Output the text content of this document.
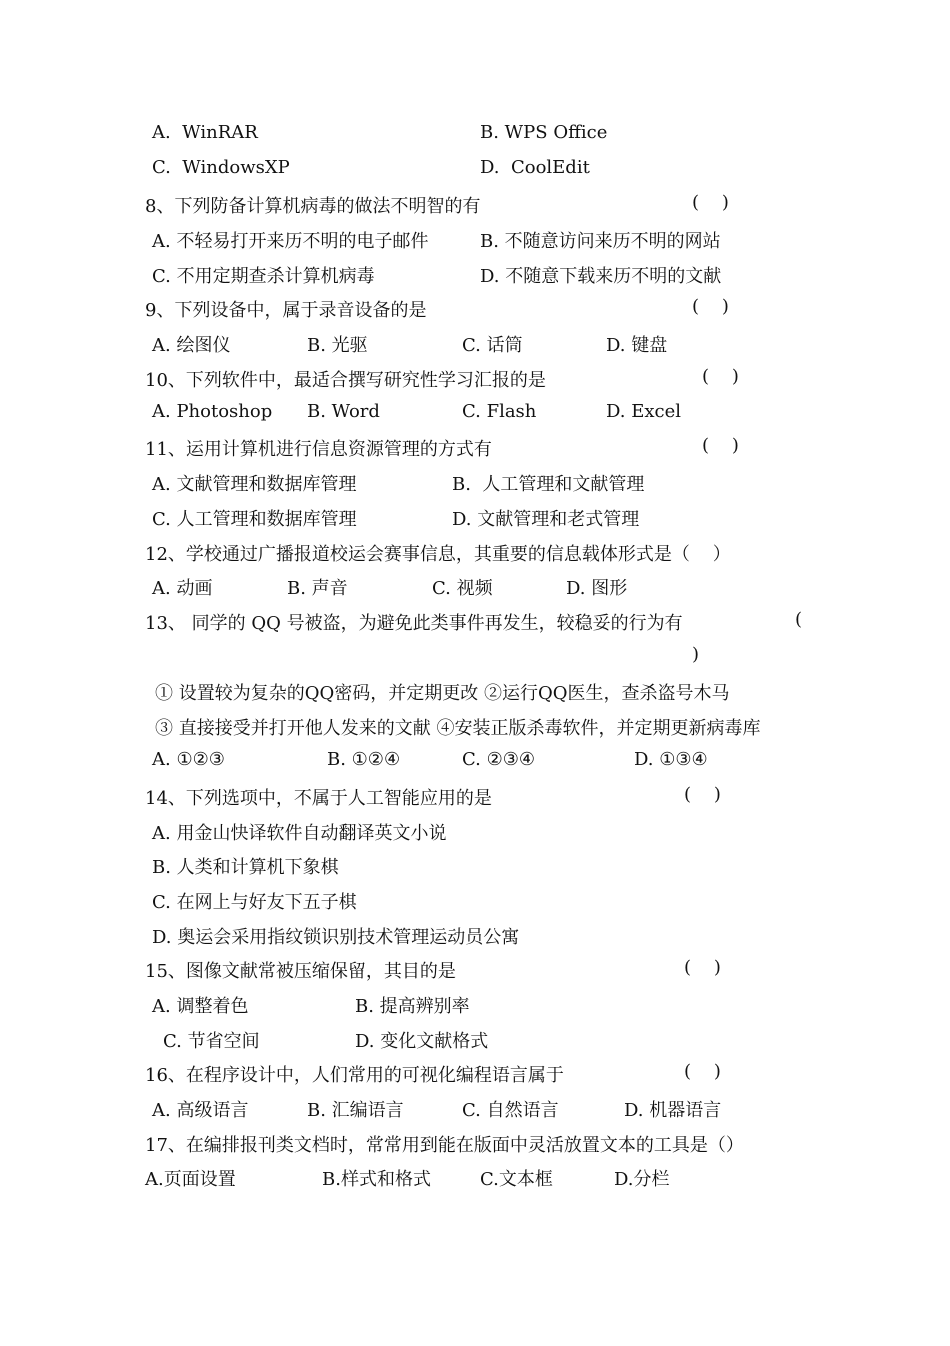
A.  WinRAR	B. WPS Office
C.  WindowsXP	D.  CoolEdit
8、下列防备计算机病毒的做法不明智的有	(    )
A. 不轻易打开来历不明的电子邮件	B. 不随意访问来历不明的网站
C. 不用定期查杀计算机病毒	D. 不随意下载来历不明的文献
9、下列设备中，属于录音设备的是	(    )
A. 绘图仪	B. 光驱	C. 话筒	D. 键盘
10、下列软件中，最适合撰写研究性学习汇报的是	(    )
A. Photoshop B. Word	C. Flash	D. Excel
11、运用计算机进行信息资源管理的方式有	(    )
A. 文献管理和数据库管理	B.  人工管理和文献管理
C. 人工管理和数据库管理	D. 文献管理和老式管理
12、学校通过广播报道校运会赛事信息，其重要的信息载体形式是（    ）
A. 动画	B. 声音	C. 视频	D. 图形
13、 同学的 QQ 号被盗，为避免此类事件再发生，较稳妥的行为有	(
)
① 设置较为复杂的QQ密码，并定期更改 ②运行QQ医生，查杀盗号木马
③ 直接接受并打开他人发来的文献 ④安装正版杀毒软件，并定期更新病毒库
A. ①②③	B. ①②④	C. ②③④	D. ①③④
14、下列选项中，不属于人工智能应用的是	(    )
A. 用金山快译软件自动翻译英文小说
B. 人类和计算机下象棋
C. 在网上与好友下五子棋
D. 奥运会采用指纹锁识别技术管理运动员公寓
15、图像文献常被压缩保留，其目的是	(    )
A. 调整着色	B. 提高辨别率
C. 节省空间	D. 变化文献格式
16、在程序设计中，人们常用的可视化编程语言属于	(    )
A. 高级语言	B. 汇编语言	C. 自然语言	D. 机器语言
17、在编排报刊类文档时，常常用到能在版面中灵活放置文本的工具是（）
A.页面设置	B.样式和格式	C.文本框	D.分栏
